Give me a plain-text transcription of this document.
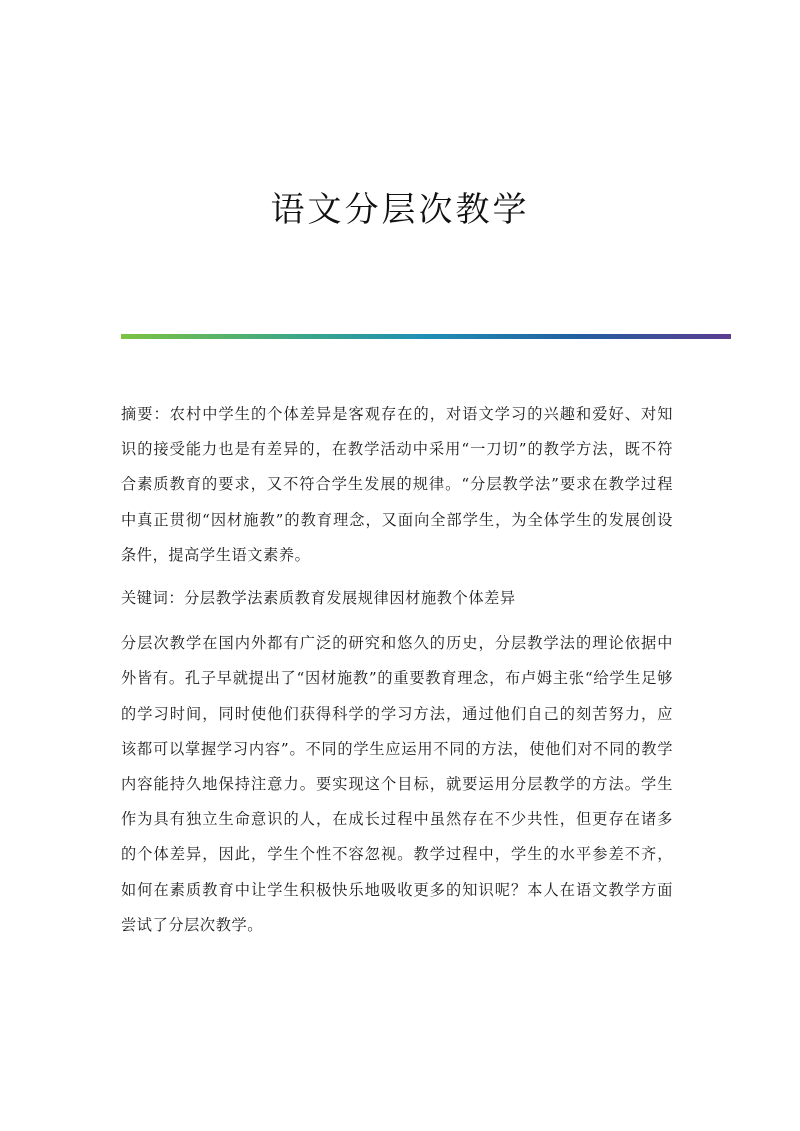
语文分层次教学

摘要：农村中学生的个体差异是客观存在的，对语文学习的兴趣和爱好、对知识的接受能力也是有差异的，在教学活动中采用“一刀切”的教学方法，既不符合素质教育的要求，又不符合学生发展的规律。“分层教学法”要求在教学过程中真正贯彻“因材施教”的教育理念，又面向全部学生，为全体学生的发展创设条件，提高学生语文素养。

关键词：分层教学法素质教育发展规律因材施教个体差异

分层次教学在国内外都有广泛的研究和悠久的历史，分层教学法的理论依据中外皆有。孔子早就提出了“因材施教”的重要教育理念，布卢姆主张“给学生足够的学习时间，同时使他们获得科学的学习方法，通过他们自己的刻苦努力，应该都可以掌握学习内容”。不同的学生应运用不同的方法，使他们对不同的教学内容能持久地保持注意力。要实现这个目标，就要运用分层教学的方法。学生作为具有独立生命意识的人，在成长过程中虽然存在不少共性，但更存在诸多的个体差异，因此，学生个性不容忽视。教学过程中，学生的水平参差不齐，如何在素质教育中让学生积极快乐地吸收更多的知识呢？本人在语文教学方面尝试了分层次教学。
